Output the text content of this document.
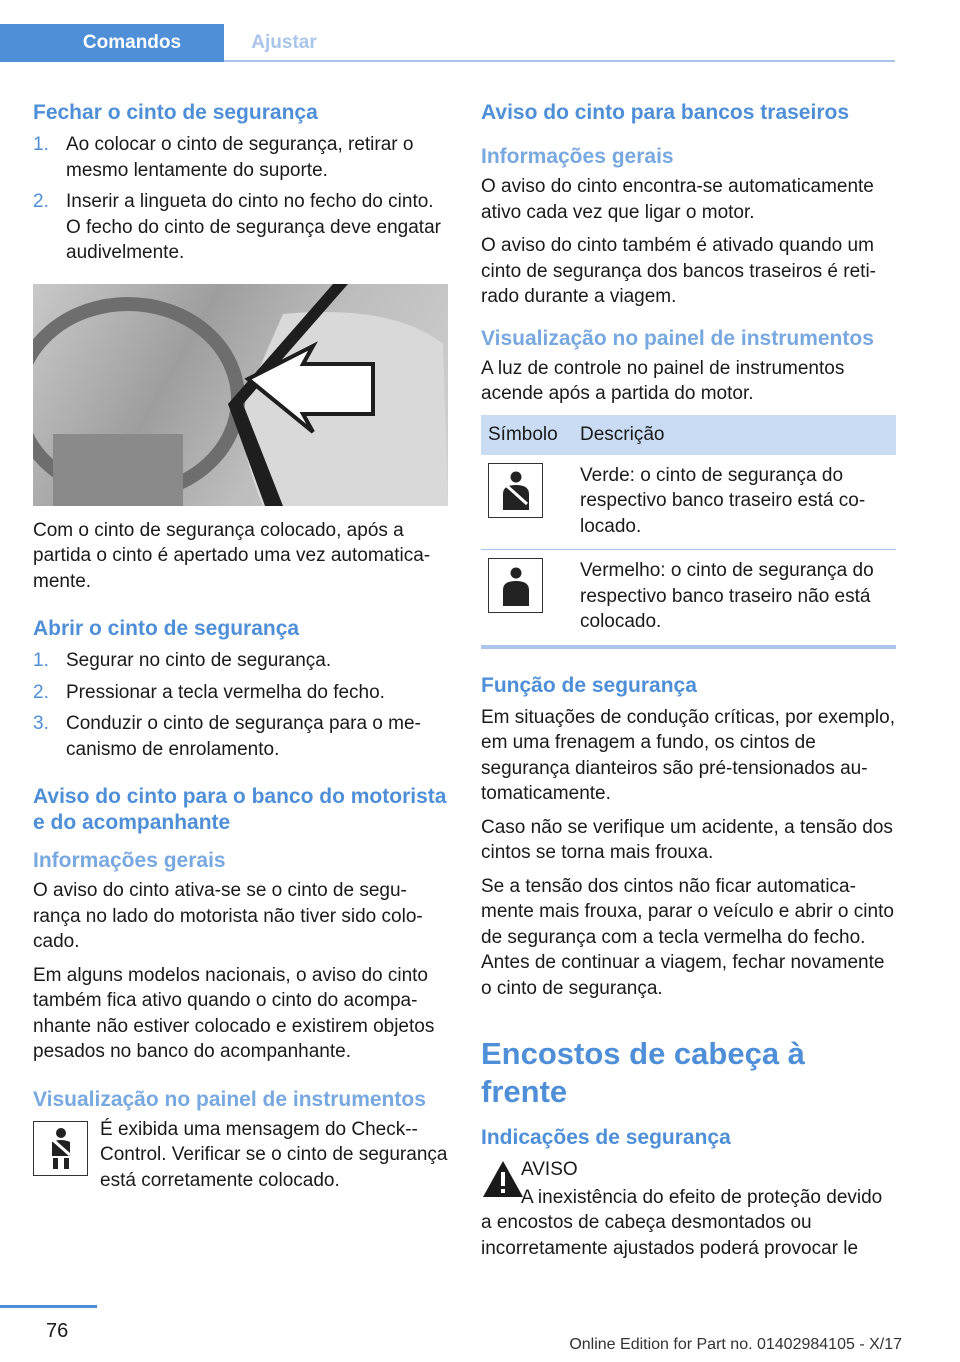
Comandos	Ajustar
Fechar o cinto de segurança
1. Ao colocar o cinto de segurança, retirar o mesmo lentamente do suporte.
2. Inserir a lingueta do cinto no fecho do cinto. O fecho do cinto de segurança deve engatar audivelmente.

Com o cinto de segurança colocado, após a partida o cinto é apertado uma vez automaticamente.

Abrir o cinto de segurança
1. Segurar no cinto de segurança.
2. Pressionar a tecla vermelha do fecho.
3. Conduzir o cinto de segurança para o mecanismo de enrolamento.
Aviso do cinto para o banco do motorista e do acompanhante
Informações gerais

O aviso do cinto ativa-se se o cinto de segurança no lado do motorista não tiver sido colocado.

Em alguns modelos nacionais, o aviso do cinto também fica ativo quando o cinto do acompanhante não estiver colocado e existirem objetos pesados no banco do acompanhante.

Visualização no painel de instrumentos

É exibida uma mensagem do Check-Control. Verificar se o cinto de segurança está corretamente colocado.

Aviso do cinto para bancos traseiros
Informações gerais

O aviso do cinto encontra-se automaticamente ativo cada vez que ligar o motor.

O aviso do cinto também é ativado quando um cinto de segurança dos bancos traseiros é retirado durante a viagem.

Visualização no painel de instrumentos

A luz de controle no painel de instrumentos acende após a partida do motor.

Símbolo	Descrição

	Verde: o cinto de segurança do respectivo banco traseiro está colocado.

	Vermelho: o cinto de segurança do respectivo banco traseiro não está colocado.
Função de segurança

Em situações de condução críticas, por exemplo, em uma frenagem a fundo, os cintos de segurança dianteiros são pré-tensionados automaticamente.

Caso não se verifique um acidente, a tensão dos cintos se torna mais frouxa.

Se a tensão dos cintos não ficar automaticamente mais frouxa, parar o veículo e abrir o cinto de segurança com a tecla vermelha do fecho. Antes de continuar a viagem, fechar novamente o cinto de segurança.

Encostos de cabeça à frente
Indicações de segurança

AVISO

A inexistência do efeito de proteção devido a encostos de cabeça desmontados ou incorretamente ajustados poderá provocar le

76
Online Edition for Part no. 01402984105 - X/17
